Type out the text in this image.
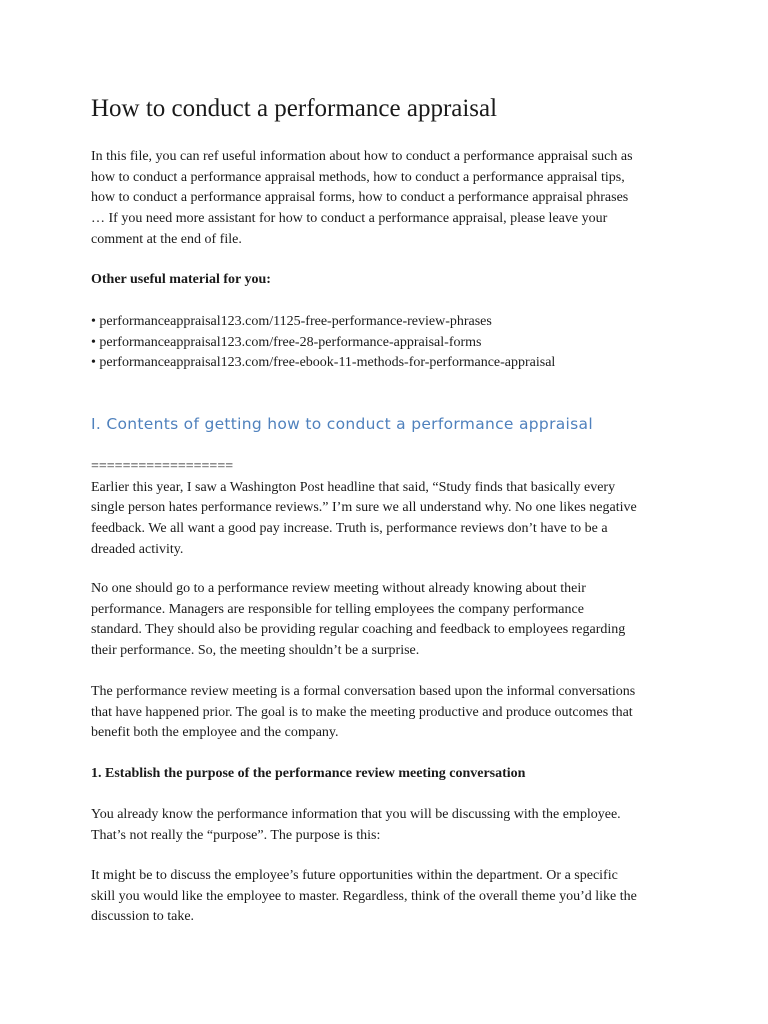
How to conduct a performance appraisal

In this file, you can ref useful information about how to conduct a performance appraisal such as
how to conduct a performance appraisal methods, how to conduct a performance appraisal tips,
how to conduct a performance appraisal forms, how to conduct a performance appraisal phrases
… If you need more assistant for how to conduct a performance appraisal, please leave your
comment at the end of file.

Other useful material for you:

• performanceappraisal123.com/1125-free-performance-review-phrases
• performanceappraisal123.com/free-28-performance-appraisal-forms
• performanceappraisal123.com/free-ebook-11-methods-for-performance-appraisal
I. Contents of getting how to conduct a performance appraisal

==================
Earlier this year, I saw a Washington Post headline that said, “Study finds that basically every
single person hates performance reviews.” I’m sure we all understand why. No one likes negative
feedback. We all want a good pay increase. Truth is, performance reviews don’t have to be a
dreaded activity.

No one should go to a performance review meeting without already knowing about their
performance. Managers are responsible for telling employees the company performance
standard. They should also be providing regular coaching and feedback to employees regarding
their performance. So, the meeting shouldn’t be a surprise.

The performance review meeting is a formal conversation based upon the informal conversations
that have happened prior. The goal is to make the meeting productive and produce outcomes that
benefit both the employee and the company.

1. Establish the purpose of the performance review meeting conversation

You already know the performance information that you will be discussing with the employee.
That’s not really the “purpose”. The purpose is this:

It might be to discuss the employee’s future opportunities within the department. Or a specific
skill you would like the employee to master. Regardless, think of the overall theme you’d like the
discussion to take.
